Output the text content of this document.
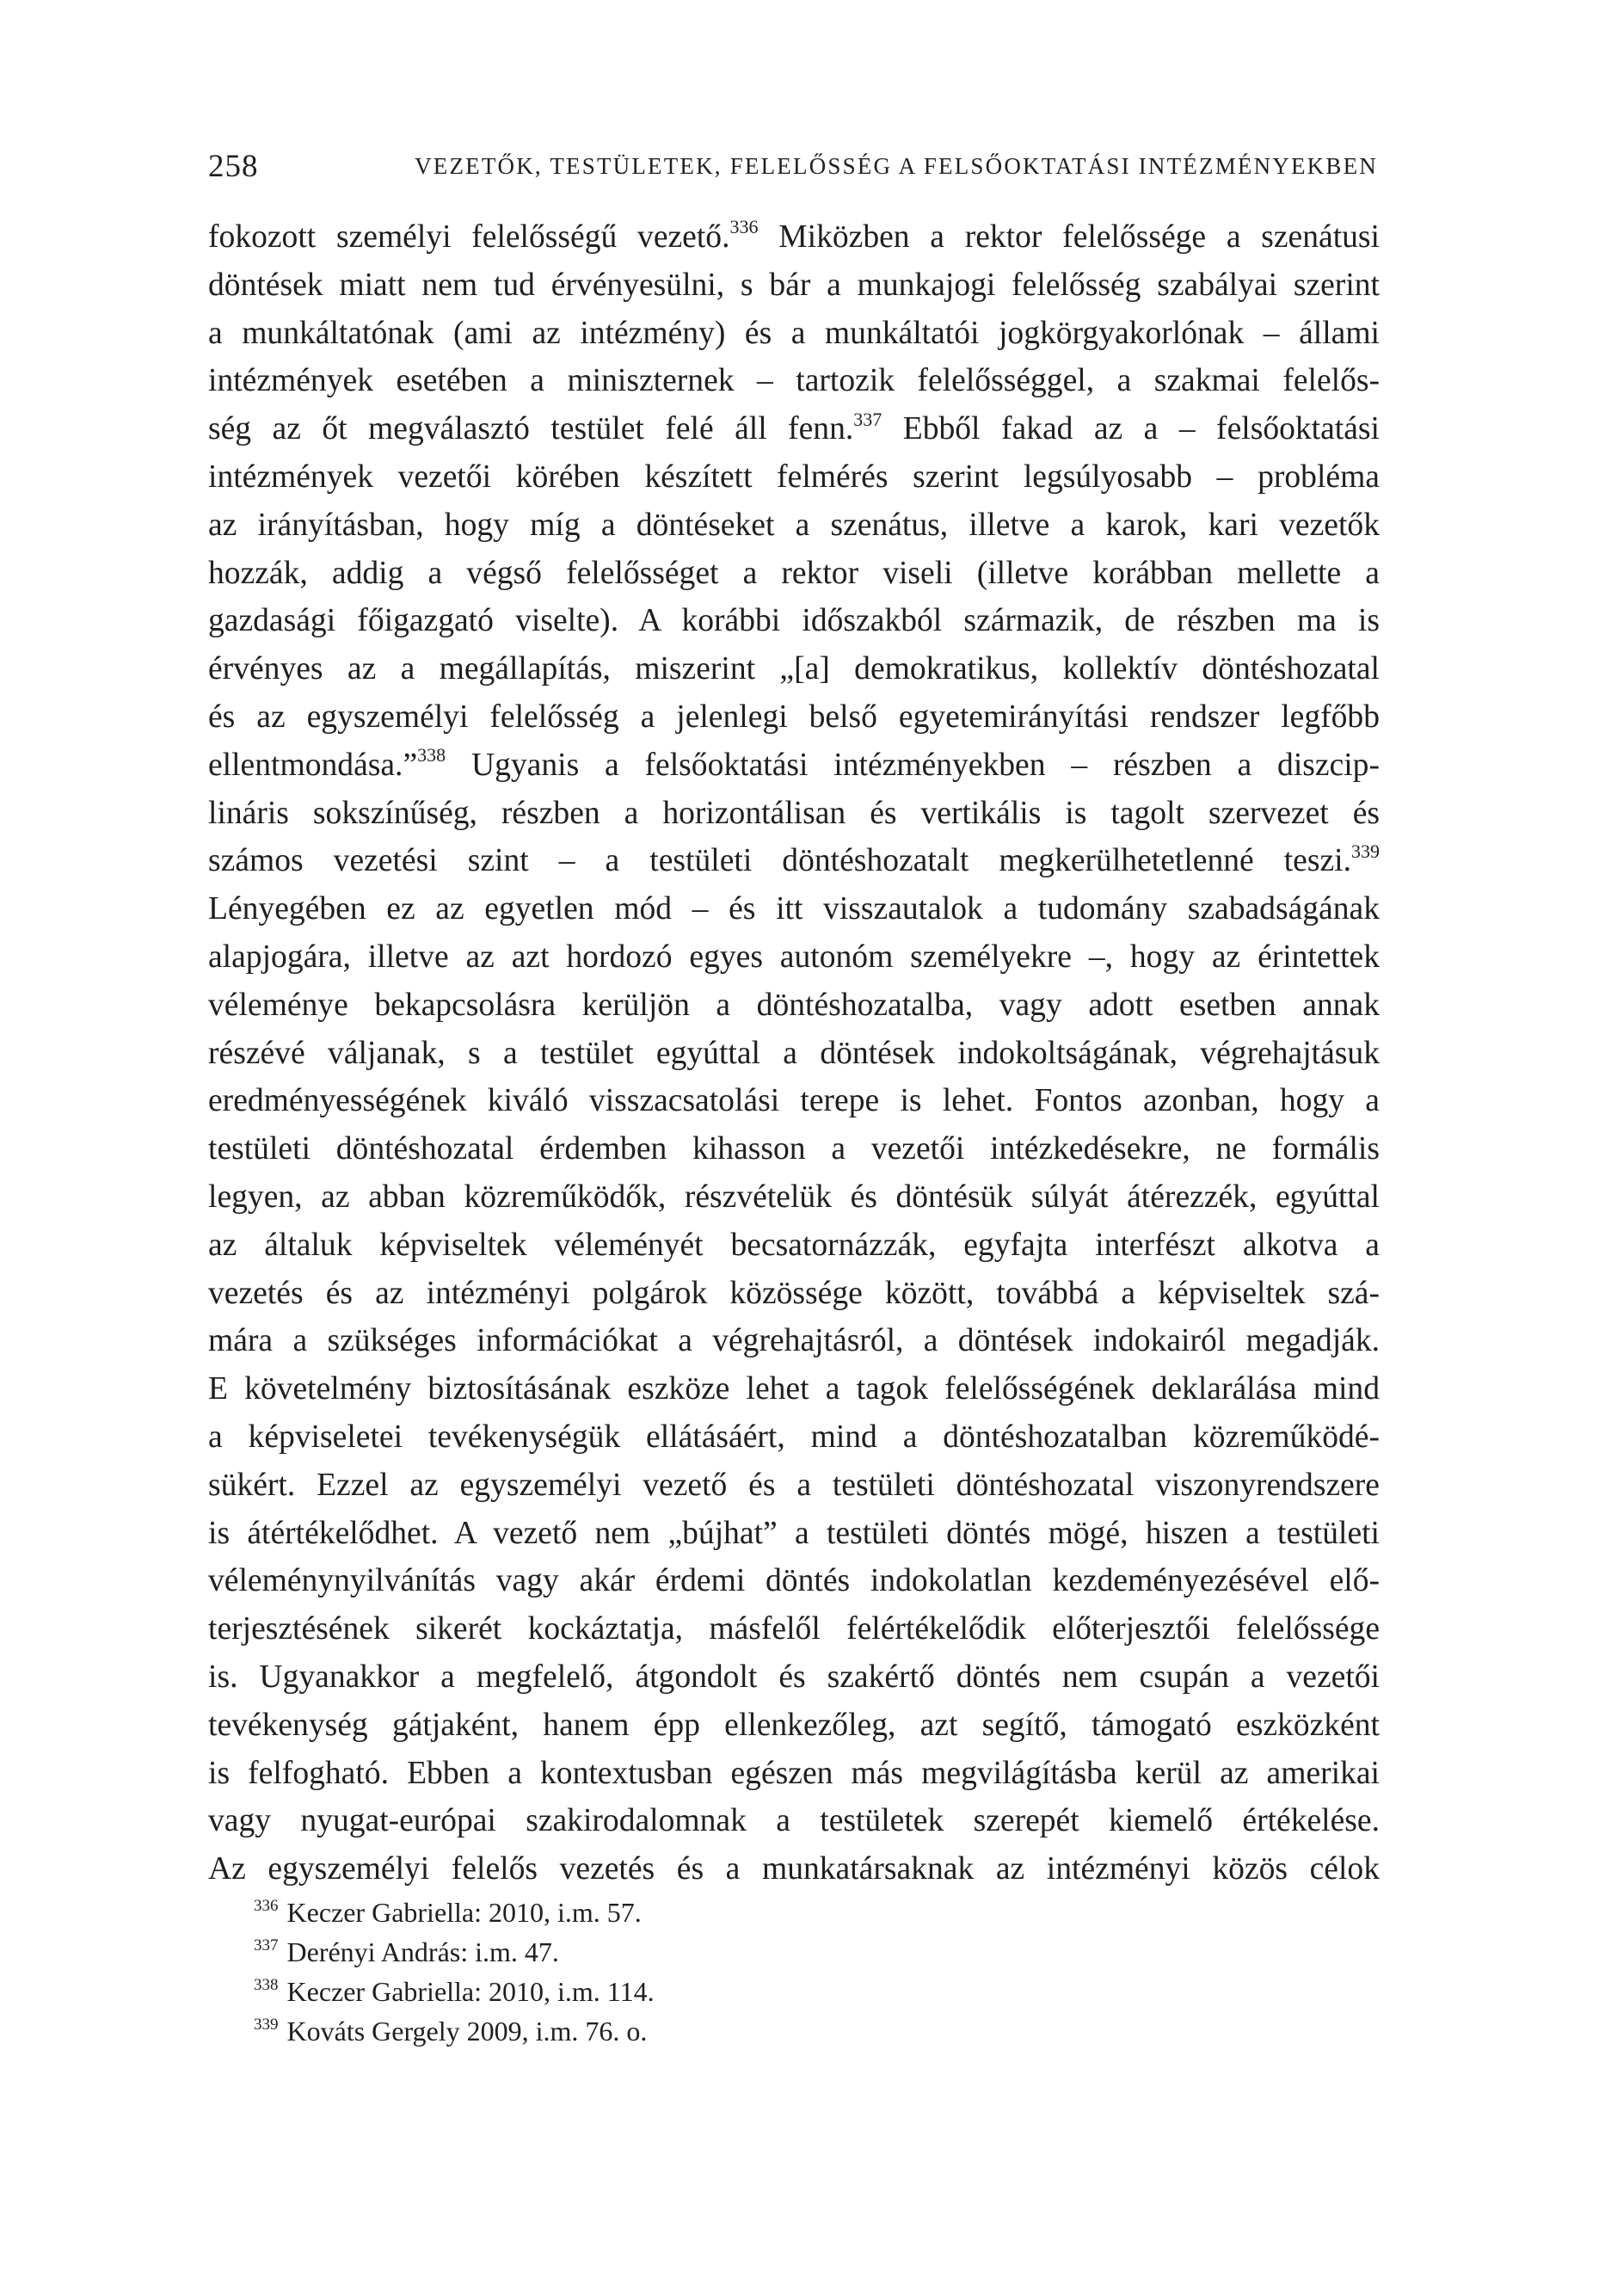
258	VEZETŐK, TESTÜLETEK, FELELŐSSÉG A FELSŐOKTATÁSI INTÉZMÉNYEKBEN
fokozott személyi felelősségű vezető.$^{336}$ Miközben a rektor felelőssége a szenátusi
döntések miatt nem tud érvényesülni, s bár a munkajogi felelősség szabályai szerint
a munkáltatónak (ami az intézmény) és a munkáltatói jogkörgyakorlónak – állami
intézmények esetében a miniszternek – tartozik felelősséggel, a szakmai felelős-
ség az őt megválasztó testület felé áll fenn.$^{337}$ Ebből fakad az a – felsőoktatási
intézmények vezetői körében készített felmérés szerint legsúlyosabb – probléma
az irányításban, hogy míg a döntéseket a szenátus, illetve a karok, kari vezetők
hozzák, addig a végső felelősséget a rektor viseli (illetve korábban mellette a
gazdasági főigazgató viselte). A korábbi időszakból származik, de részben ma is
érvényes az a megállapítás, miszerint „[a] demokratikus, kollektív döntéshozatal
és az egyszemélyi felelősség a jelenlegi belső egyetemirányítási rendszer legfőbb
ellentmondása.”$^{338}$ Ugyanis a felsőoktatási intézményekben – részben a diszcip-
lináris sokszínűség, részben a horizontálisan és vertikális is tagolt szervezet és
számos vezetési szint – a testületi döntéshozatalt megkerülhetetlenné teszi.$^{339}$
Lényegében ez az egyetlen mód – és itt visszautalok a tudomány szabadságának
alapjogára, illetve az azt hordozó egyes autonóm személyekre –, hogy az érintettek
véleménye bekapcsolásra kerüljön a döntéshozatalba, vagy adott esetben annak
részévé váljanak, s a testület egyúttal a döntések indokoltságának, végrehajtásuk
eredményességének kiváló visszacsatolási terepe is lehet. Fontos azonban, hogy a
testületi döntéshozatal érdemben kihasson a vezetői intézkedésekre, ne formális
legyen, az abban közreműködők, részvételük és döntésük súlyát átérezzék, egyúttal
az általuk képviseltek véleményét becsatornázzák, egyfajta interfészt alkotva a
vezetés és az intézményi polgárok közössége között, továbbá a képviseltek szá-
mára a szükséges információkat a végrehajtásról, a döntések indokairól megadják.
E követelmény biztosításának eszköze lehet a tagok felelősségének deklarálása mind
a képviseletei tevékenységük ellátásáért, mind a döntéshozatalban közreműködé-
sükért. Ezzel az egyszemélyi vezető és a testületi döntéshozatal viszonyrendszere
is átértékelődhet. A vezető nem „bújhat” a testületi döntés mögé, hiszen a testületi
véleménynyilvánítás vagy akár érdemi döntés indokolatlan kezdeményezésével elő-
terjesztésének sikerét kockáztatja, másfelől felértékelődik előterjesztői felelőssége
is. Ugyanakkor a megfelelő, átgondolt és szakértő döntés nem csupán a vezetői
tevékenység gátjaként, hanem épp ellenkezőleg, azt segítő, támogató eszközként
is felfogható. Ebben a kontextusban egészen más megvilágításba kerül az amerikai
vagy nyugat-európai szakirodalomnak a testületek szerepét kiemelő értékelése.
Az egyszemélyi felelős vezetés és a munkatársaknak az intézményi közös célok
$^{336}$ Keczer Gabriella: 2010, i.m. 57.
$^{337}$ Derényi András: i.m. 47.
$^{338}$ Keczer Gabriella: 2010, i.m. 114.
$^{339}$ Kováts Gergely 2009, i.m. 76. o.
